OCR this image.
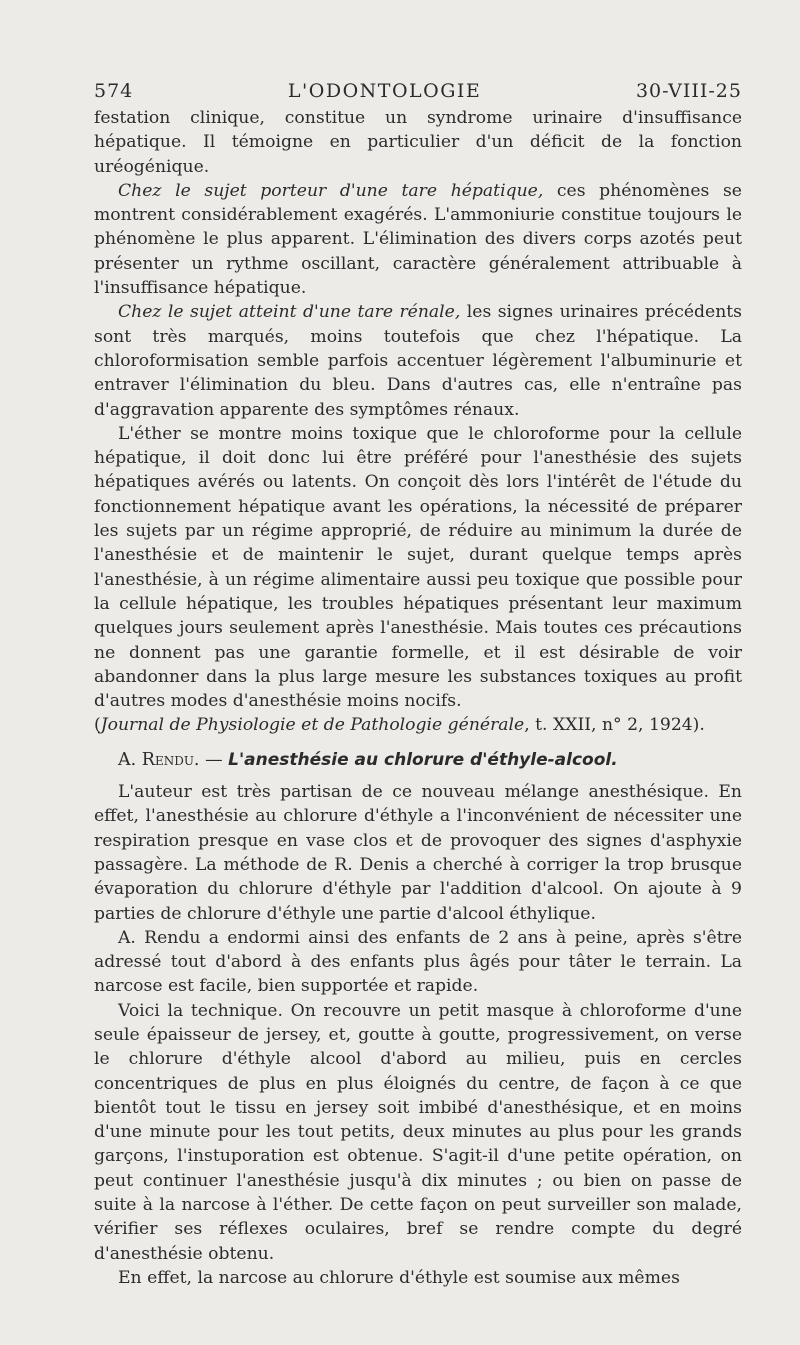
574	L'ODONTOLOGIE	30-VIII-25

festation clinique, constitue un syndrome urinaire d'insuffisance hépatique. Il témoigne en particulier d'un déficit de la fonction uréogénique.

Chez le sujet porteur d'une tare hépatique, ces phénomènes se montrent considérablement exagérés. L'ammoniurie constitue toujours le phénomène le plus apparent. L'élimination des divers corps azotés peut présenter un rythme oscillant, caractère généralement attribuable à l'insuffisance hépatique.

Chez le sujet atteint d'une tare rénale, les signes urinaires précédents sont très marqués, moins toutefois que chez l'hépatique. La chloroformisation semble parfois accentuer légèrement l'albuminurie et entraver l'élimination du bleu. Dans d'autres cas, elle n'entraîne pas d'aggravation apparente des symptômes rénaux.

L'éther se montre moins toxique que le chloroforme pour la cellule hépatique, il doit donc lui être préféré pour l'anesthésie des sujets hépatiques avérés ou latents. On conçoit dès lors l'intérêt de l'étude du fonctionnement hépatique avant les opérations, la nécessité de préparer les sujets par un régime approprié, de réduire au minimum la durée de l'anesthésie et de maintenir le sujet, durant quelque temps après l'anesthésie, à un régime alimentaire aussi peu toxique que possible pour la cellule hépatique, les troubles hépatiques présentant leur maximum quelques jours seulement après l'anesthésie. Mais toutes ces précautions ne donnent pas une garantie formelle, et il est désirable de voir abandonner dans la plus large mesure les substances toxiques au profit d'autres modes d'anesthésie moins nocifs.

(Journal de Physiologie et de Pathologie générale, t. XXII, n° 2, 1924).

A. Rendu. — L'anesthésie au chlorure d'éthyle-alcool.

L'auteur est très partisan de ce nouveau mélange anesthésique. En effet, l'anesthésie au chlorure d'éthyle a l'inconvénient de nécessiter une respiration presque en vase clos et de provoquer des signes d'asphyxie passagère. La méthode de R. Denis a cherché à corriger la trop brusque évaporation du chlorure d'éthyle par l'addition d'alcool. On ajoute à 9 parties de chlorure d'éthyle une partie d'alcool éthylique.

A. Rendu a endormi ainsi des enfants de 2 ans à peine, après s'être adressé tout d'abord à des enfants plus âgés pour tâter le terrain. La narcose est facile, bien supportée et rapide.

Voici la technique. On recouvre un petit masque à chloroforme d'une seule épaisseur de jersey, et, goutte à goutte, progressivement, on verse le chlorure d'éthyle alcool d'abord au milieu, puis en cercles concentriques de plus en plus éloignés du centre, de façon à ce que bientôt tout le tissu en jersey soit imbibé d'anesthésique, et en moins d'une minute pour les tout petits, deux minutes au plus pour les grands garçons, l'instuporation est obtenue. S'agit-il d'une petite opération, on peut continuer l'anesthésie jusqu'à dix minutes ; ou bien on passe de suite à la narcose à l'éther. De cette façon on peut surveiller son malade, vérifier ses réflexes oculaires, bref se rendre compte du degré d'anesthésie obtenu.

En effet, la narcose au chlorure d'éthyle est soumise aux mêmes
